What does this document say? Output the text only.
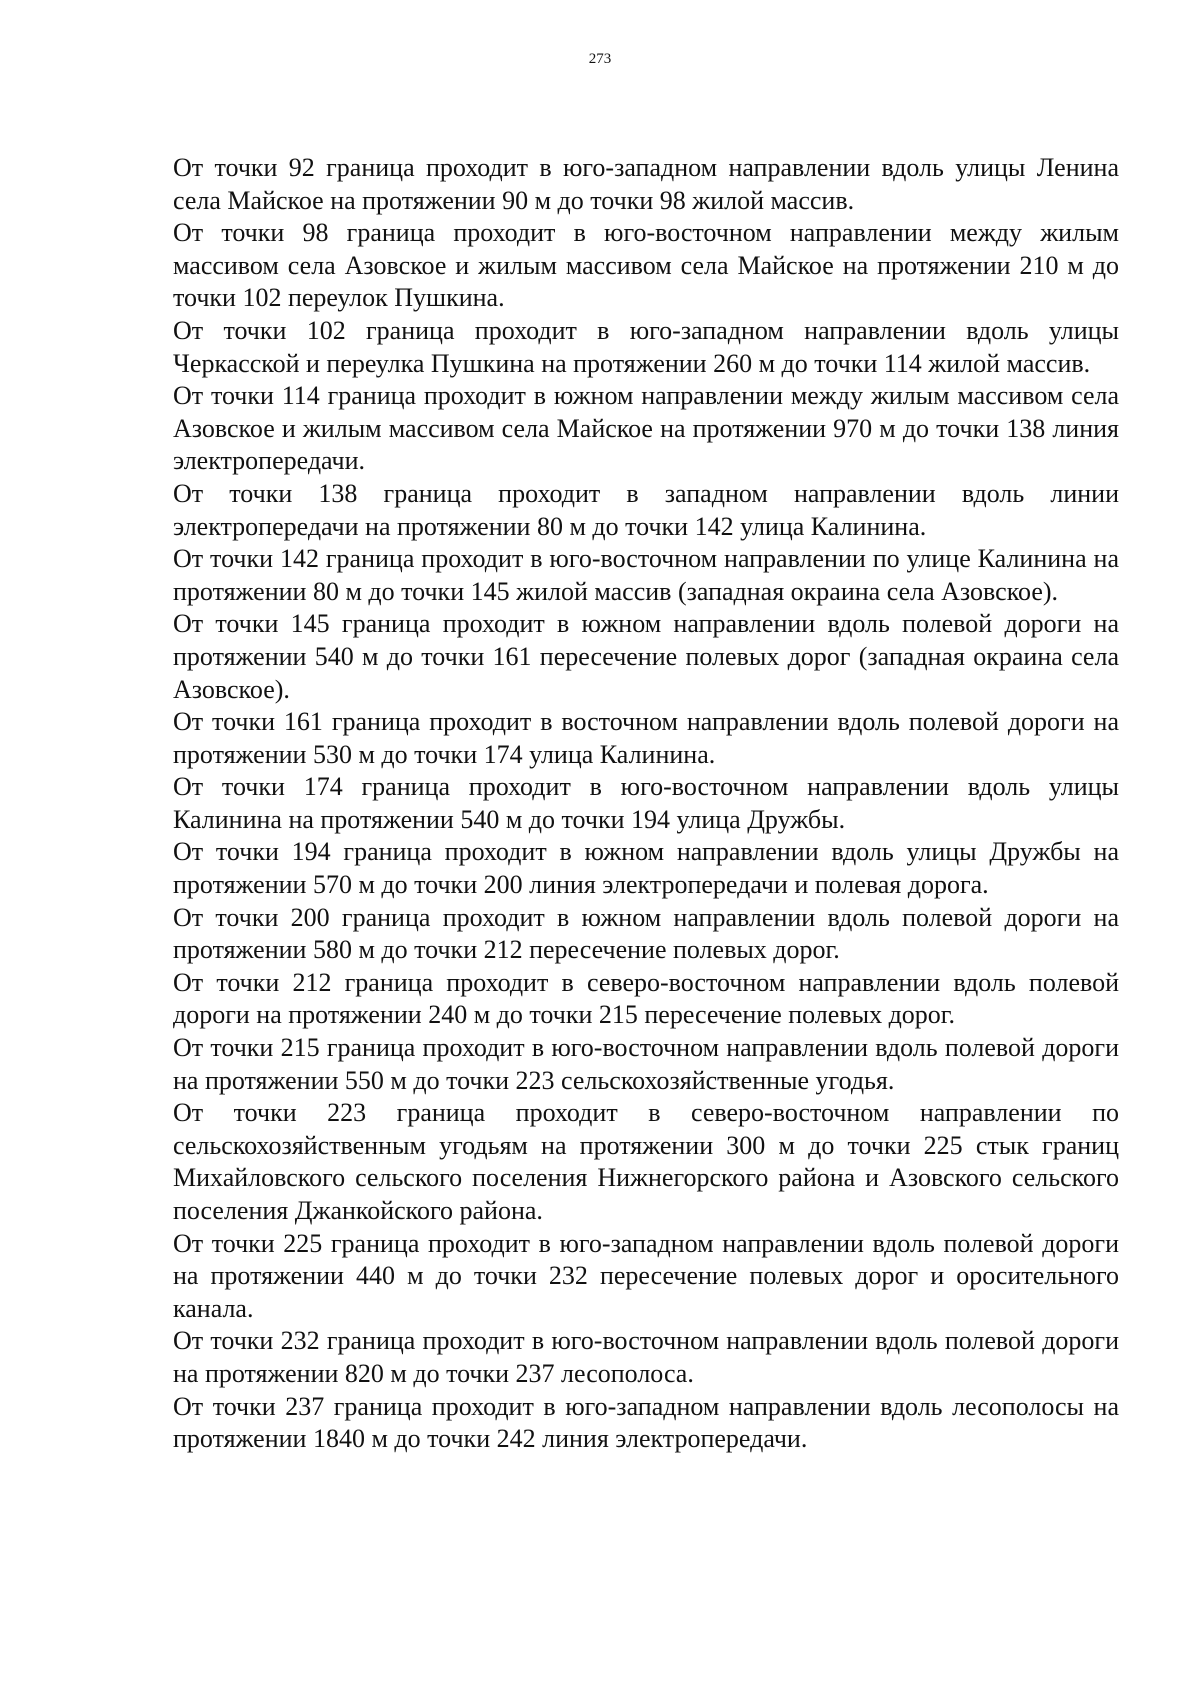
273

От точки 92 граница проходит в юго-западном направлении вдоль улицы Ленина села Майское на протяжении 90 м до точки 98 жилой массив.

От точки 98 граница проходит в юго-восточном направлении между жилым массивом села Азовское и жилым массивом села Майское на протяжении 210 м до точки 102 переулок Пушкина.

От точки 102 граница проходит в юго-западном направлении вдоль улицы Черкасской и переулка Пушкина на протяжении 260 м до точки 114 жилой массив.

От точки 114 граница проходит в южном направлении между жилым массивом села Азовское и жилым массивом села Майское на протяжении 970 м до точки 138 линия электропередачи.

От точки 138 граница проходит в западном направлении вдоль линии электропередачи на протяжении 80 м до точки 142 улица Калинина.

От точки 142 граница проходит в юго-восточном направлении по улице Калинина на протяжении 80 м до точки 145 жилой массив (западная окраина села Азовское).

От точки 145 граница проходит в южном направлении вдоль полевой дороги на протяжении 540 м до точки 161 пересечение полевых дорог (западная окраина села Азовское).

От точки 161 граница проходит в восточном направлении вдоль полевой дороги на протяжении 530 м до точки 174 улица Калинина.

От точки 174 граница проходит в юго-восточном направлении вдоль улицы Калинина на протяжении 540 м до точки 194 улица Дружбы.

От точки 194 граница проходит в южном направлении вдоль улицы Дружбы на протяжении 570 м до точки 200 линия электропередачи и полевая дорога.

От точки 200 граница проходит в южном направлении вдоль полевой дороги на протяжении 580 м до точки 212 пересечение полевых дорог.

От точки 212 граница проходит в северо-восточном направлении вдоль полевой дороги на протяжении 240 м до точки 215 пересечение полевых дорог.

От точки 215 граница проходит в юго-восточном направлении вдоль полевой дороги на протяжении 550 м до точки 223 сельскохозяйственные угодья.

От точки 223 граница проходит в северо-восточном направлении по сельскохозяйственным угодьям на протяжении 300 м до точки 225 стык границ Михайловского сельского поселения Нижнегорского района и Азовского сельского поселения Джанкойского района.

От точки 225 граница проходит в юго-западном направлении вдоль полевой дороги на протяжении 440 м до точки 232 пересечение полевых дорог и оросительного канала.

От точки 232 граница проходит в юго-восточном направлении вдоль полевой дороги на протяжении 820 м до точки 237 лесополоса.

От точки 237 граница проходит в юго-западном направлении вдоль лесополосы на протяжении 1840 м до точки 242 линия электропередачи.
